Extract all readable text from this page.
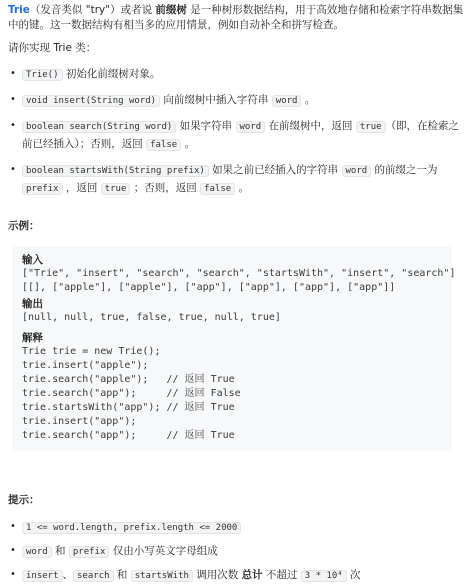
Trie（发音类似 "try"）或者说 前缀树 是一种树形数据结构，用于高效地存储和检索字符串数据集中的键。这一数据结构有相当多的应用情景，例如自动补全和拼写检查。

请你实现 Trie 类：

• Trie() 初始化前缀树对象。
• void insert(String word) 向前缀树中插入字符串 word 。
• boolean search(String word) 如果字符串 word 在前缀树中，返回 true （即，在检索之前已经插入）；否则，返回 false 。
• boolean startsWith(String prefix) 如果之前已经插入的字符串 word 的前缀之一为 prefix ，返回 true ；否则，返回 false 。

示例：

输入
["Trie", "insert", "search", "search", "startsWith", "insert", "search"]
[[], ["apple"], ["apple"], ["app"], ["app"], ["app"], ["app"]]
输出
[null, null, true, false, true, null, true]
解释
Trie trie = new Trie();
trie.insert("apple");
trie.search("apple");   // 返回 True
trie.search("app");     // 返回 False
trie.startsWith("app"); // 返回 True
trie.insert("app");
trie.search("app");     // 返回 True

提示：

• 1 <= word.length, prefix.length <= 2000
• word 和 prefix 仅由小写英文字母组成
• insert 、 search 和 startsWith 调用次数 总计 不超过 3 * 10⁴ 次
